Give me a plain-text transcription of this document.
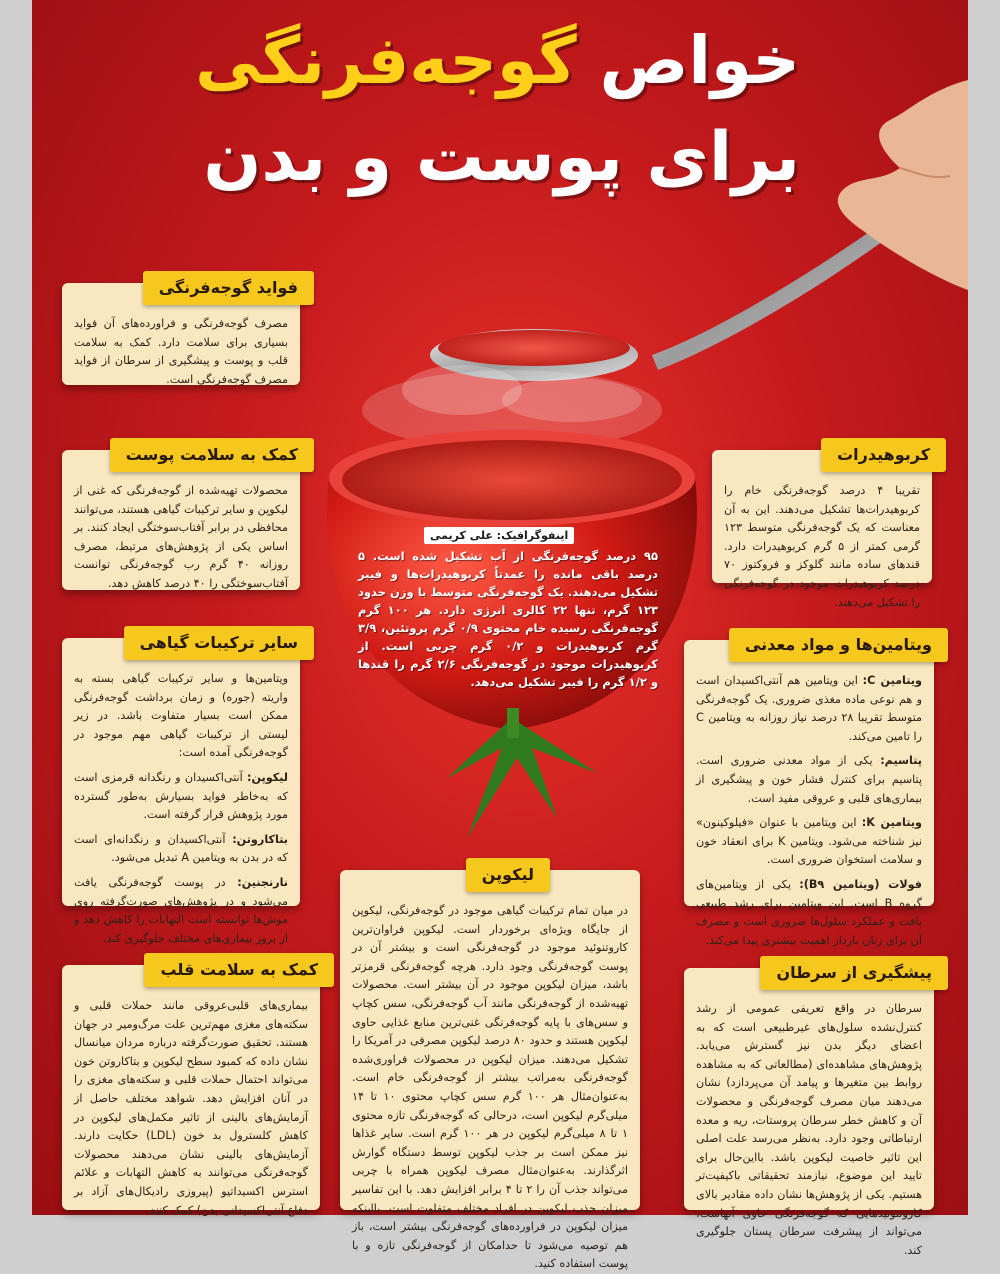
اینفوگرافیک: علی کریمی
۹۵ درصد گوجه‌فرنگی از آب تشکیل شده است. ۵ درصد باقی مانده را عمدتاً کربوهیدرات‌ها و فیبر تشکیل می‌دهند. یک گوجه‌فرنگی متوسط با وزن حدود ۱۲۳ گرم، تنها ۲۲ کالری انرژی دارد. هر ۱۰۰ گرم گوجه‌فرنگی رسیده خام محتوی ۰/۹ گرم پروتئین، ۳/۹ گرم کربوهیدرات و ۰/۲ گرم چربی است. از کربوهیدرات موجود در گوجه‌فرنگی ۲/۶ گرم را قندها و ۱/۲ گرم را فیبر تشکیل می‌دهد.
خواص گوجه‌فرنگی
برای پوست و بدن
فواید گوجه‌فرنگی

مصرف گوجه‌فرنگی و فراورده‌های آن فواید بسیاری برای سلامت دارد. کمک به سلامت قلب و پوست و پیشگیری از سرطان از فواید مصرف گوجه‌فرنگی است.

کمک به سلامت پوست

محصولات تهیه‌شده از گوجه‌فرنگی که غنی از لیکوپن و سایر ترکیبات گیاهی هستند، می‌توانند محافظی در برابر آفتاب‌سوختگی ایجاد کنند. بر اساس یکی از پژوهش‌های مرتبط، مصرف روزانه ۴۰ گرم رب گوجه‌فرنگی توانست آفتاب‌سوختگی را ۴۰ درصد کاهش دهد.

سایر ترکیبات گیاهی

ویتامین‌ها و سایر ترکیبات گیاهی بسته به واریته (جوره) و زمان برداشت گوجه‌فرنگی ممکن است بسیار متفاوت باشد. در زیر لیستی از ترکیبات گیاهی مهم موجود در گوجه‌فرنگی آمده است:

لیکوپن: آنتی‌اکسیدان و رنگدانه قرمزی است که به‌خاطر فواید بسیارش به‌طور گسترده مورد پژوهش قرار گرفته است.

بتاکاروتن: آنتی‌اکسیدان و رنگدانه‌ای است که در بدن به ویتامین A تبدیل می‌شود.

نارنجنین: در پوست گوجه‌فرنگی یافت می‌شود و در پژوهش‌های صورت‌گرفته روی موش‌ها توانسته است التهابات را کاهش دهد و از بروز بیماری‌های مختلف جلوگیری کند.

کمک به سلامت قلب

بیماری‌های قلبی‌عروقی مانند حملات قلبی و سکته‌های مغزی مهم‌ترین علت مرگ‌ومیر در جهان هستند. تحقیق صورت‌گرفته درباره مردان میانسال نشان داده که کمبود سطح لیکوپن و بتاکاروتن خون می‌تواند احتمال حملات قلبی و سکته‌های مغزی را در آنان افزایش دهد. شواهد مختلف حاصل از آزمایش‌های بالینی از تاثیر مکمل‌های لیکوپن در کاهش کلسترول بد خون (LDL) حکایت دارند. آزمایش‌های بالینی نشان می‌دهند محصولات گوجه‌فرنگی می‌توانند به کاهش التهابات و علائم استرس اکسیداتیو (پیروزی رادیکال‌های آزاد بر دفاع آنتی‌اکسیدانی بدن) کمک کنند.

لیکوپن

در میان تمام ترکیبات گیاهی موجود در گوجه‌فرنگی، لیکوپن از جایگاه ویژه‌ای برخوردار است. لیکوپن فراوان‌ترین کاروتنوئید موجود در گوجه‌فرنگی است و بیشتر آن در پوست گوجه‌فرنگی وجود دارد. هرچه گوجه‌فرنگی قرمزتر باشد، میزان لیکوپن موجود در آن بیشتر است. محصولات تهیه‌شده از گوجه‌فرنگی مانند آب گوجه‌فرنگی، سس کچاپ و سس‌های با پایه گوجه‌فرنگی غنی‌ترین منابع غذایی حاوی لیکوپن هستند و حدود ۸۰ درصد لیکوپن مصرفی در آمریکا را تشکیل می‌دهند. میزان لیکوپن در محصولات فراوری‌شده گوجه‌فرنگی به‌مراتب بیشتر از گوجه‌فرنگی خام است. به‌عنوان‌مثال هر ۱۰۰ گرم سس کچاپ محتوی ۱۰ تا ۱۴ میلی‌گرم لیکوپن است، درحالی که گوجه‌فرنگی تازه محتوی ۱ تا ۸ میلی‌گرم لیکوپن در هر ۱۰۰ گرم است. سایر غذاها نیز ممکن است بر جذب لیکوپن توسط دستگاه گوارش اثرگذارند. به‌عنوان‌مثال مصرف لیکوپن همراه با چربی می‌تواند جذب آن را ۲ تا ۴ برابر افزایش دهد. با این تفاسیر میزان جذب لیکوپن در افراد مختلف متفاوت است. بااینکه میزان لیکوپن در فراورده‌های گوجه‌فرنگی بیشتر است، باز هم توصیه می‌شود تا حدامکان از گوجه‌فرنگی تازه و با پوست استفاده کنید.

کربوهیدرات

تقریبا ۴ درصد گوجه‌فرنگی خام را کربوهیدرات‌ها تشکیل می‌دهند. این به آن معناست که یک گوجه‌فرنگی متوسط ۱۲۳ گرمی کمتر از ۵ گرم کربوهیدرات دارد. قندهای ساده مانند گلوکز و فروکتوز ۷۰ درصد کربوهیدرات موجود در گوجه‌فرنگی را تشکیل می‌دهند.

ویتامین‌ها و مواد معدنی

ویتامین C: این ویتامین هم آنتی‌اکسیدان است و هم نوعی ماده مغذی ضروری. یک گوجه‌فرنگی متوسط تقریبا ۲۸ درصد نیاز روزانه به ویتامین C را تامین می‌کند.

پتاسیم: یکی از مواد معدنی ضروری است. پتاسیم برای کنترل فشار خون و پیشگیری از بیماری‌های قلبی و عروقی مفید است.

ویتامین K: این ویتامین با عنوان «فیلوکینون» نیز شناخته می‌شود. ویتامین K برای انعقاد خون و سلامت استخوان ضروری است.

فولات (ویتامین B۹): یکی از ویتامین‌های گروه B است. این ویتامین برای رشد طبیعی بافت و عملکرد سلول‌ها ضروری است و مصرف آن برای زنان باردار اهمیت بیشتری پیدا می‌کند.

پیشگیری از سرطان

سرطان در واقع تعریفی عمومی از رشد کنترل‌نشده سلول‌های غیرطبیعی است که به اعضای دیگر بدن نیز گسترش می‌یابد. پژوهش‌های مشاهده‌ای (مطالعاتی که به مشاهده روابط بین متغیرها و پیامد آن می‌پردازد) نشان می‌دهند میان مصرف گوجه‌فرنگی و محصولات آن و کاهش خطر سرطان پروستات، ریه و معده ارتباطاتی وجود دارد. به‌نظر می‌رسد علت اصلی این تاثیر خاصیت لیکوپن باشد. بااین‌حال برای تایید این موضوع، نیازمند تحقیقاتی باکیفیت‌تر هستیم. یکی از پژوهش‌ها نشان داده مقادیر بالای کاروتنوئیدهایی که گوجه‌فرنگی حاوی آنهاست، می‌تواند از پیشرفت سرطان پستان جلوگیری کند.
